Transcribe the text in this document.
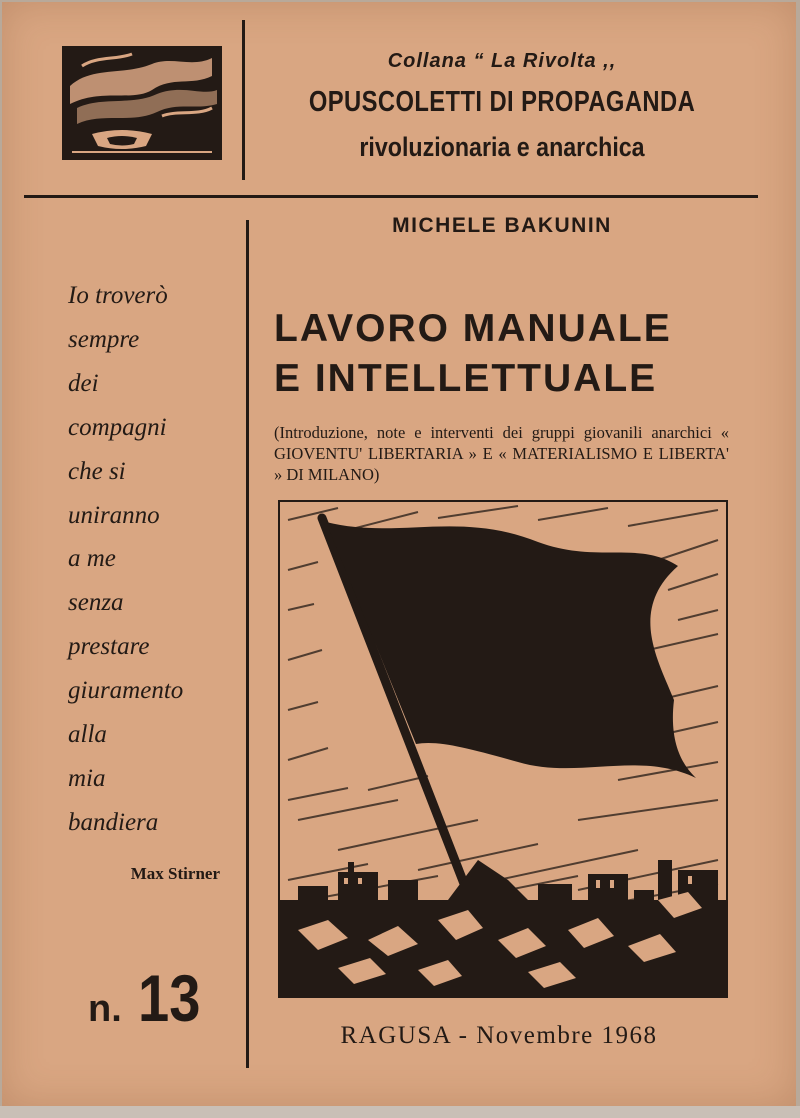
Collana “ La Rivolta ,,
OPUSCOLETTI DI PROPAGANDA
rivoluzionaria e anarchica
MICHELE BAKUNIN
LAVORO MANUALE
E INTELLETTUALE
(Introduzione, note e interventi dei gruppi giovanili anarchici « GIOVENTU' LIBERTARIA » E « MATERIALISMO E LIBERTA' » DI MILANO)
Io troverò
sempre
dei
compagni
che si
uniranno
a me
senza
prestare
giuramento
alla
mia
bandiera
Max Stirner
n. 13
RAGUSA - Novembre 1968
